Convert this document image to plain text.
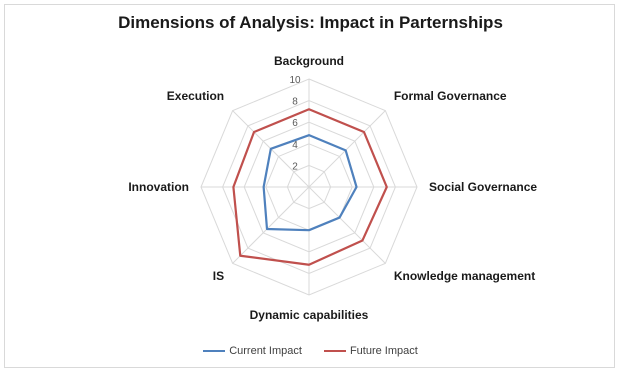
Dimensions of Analysis: Impact in Parternships
2
4
6
8
10
Background
Formal Governance
Social Governance
Knowledge management
Dynamic capabilities
IS
Innovation
Execution
Current Impact	Future Impact
